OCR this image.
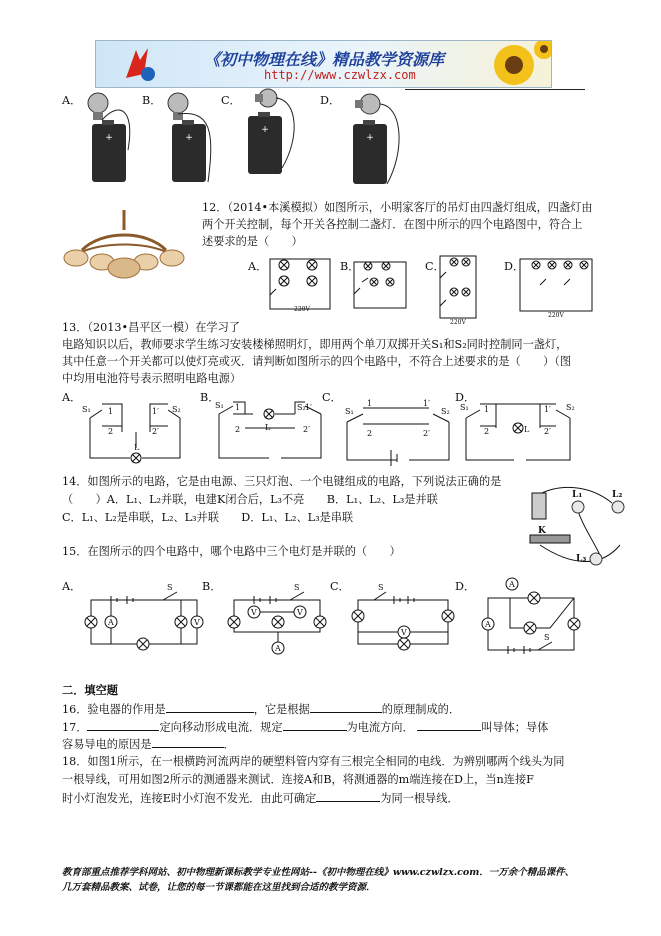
《初中物理在线》精品教学资源库
http://www.czwlzx.com
A．	B．	C．	D．
+	+
+
+
12．（2014•本溪模拟）如图所示，小明家客厅的吊灯由四盏灯组成，四盏灯由
两个开关控制，每个开关各控制二盏灯．在图中所示的四个电路图中，符合上
述要求的是（　　）
A．	B．	C．	D．
220V
220V
220V
13．（2013•昌平区一模）在学习了
电路知识以后，教师要求学生练习安装楼梯照明灯，即用两个单刀双掷开关S₁和S₂同时控制同一盏灯，
其中任意一个开关都可以使灯亮或灭．请判断如图所示的四个电路中，不符合上述要求的是（　　）（图
中均用电池符号表示照明电路电源）
A．	B．	C．	D．
S₁ 1
2
1′
2′
S₂
L
S₁ 1
2	L
S₂ 1′
2′
S₁
1
2
1′
2′
S₂ S₁ 1
2	L
1′
2′
S₂
14．如图所示的电路，它是由电源、三只灯泡、一个电键组成的电路，下列说法正确的是
（　　）A．L₁、L₂并联，电建K闭合后，L₃不亮　　B．L₁、L₂、L₃是并联
C．L₁、L₂是串联，L₂、L₃并联　　D．L₁、L₂、L₃是串联
L₁	L₂
L₃
K
15．在图所示的四个电路中，哪个电路中三个电灯是并联的（　　）
A．	B．	C．	D．
S
A	V
S
V	V
A
S
V
A
A
S
二．填空题
16．验电器的作用是	，它是根据	的原理制成的．
17．	定向移动形成电流．规定	为电流方向．	叫导体；导体
容易导电的原因是	．
18．如图1所示，在一根横跨河流两岸的硬塑料管内穿有三根完全相同的电线．为辨别哪两个线头为同
一根导线，可用如图2所示的测通器来测试．连接A和B，将测通器的m端连接在D上，当n连接F
时小灯泡发光，连接E时小灯泡不发光．由此可确定	为同一根导线．
教育部重点推荐学科网站、初中物理新课标教学专业性网站--《初中物理在线》www.czwlzx.com．一万余个精品课件、
几万套精品教案、试卷，让您的每一节课都能在这里找到合适的教学资源．
